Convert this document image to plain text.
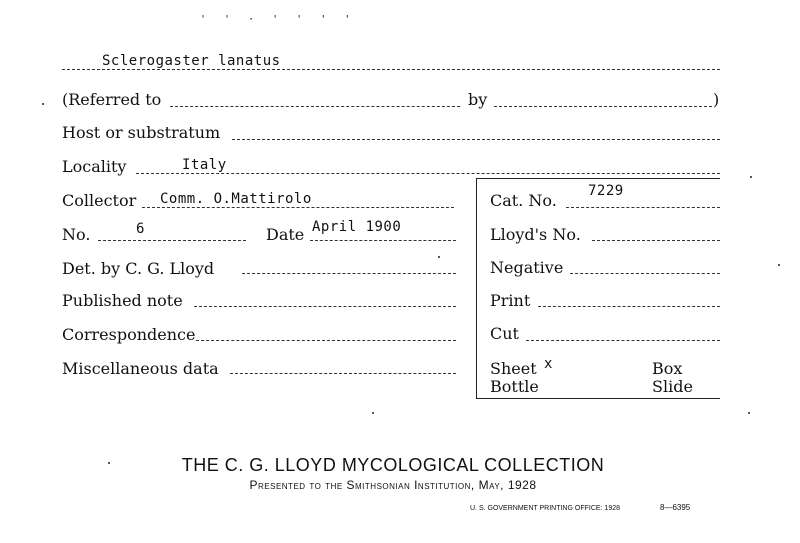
' ' · ' ' ' '
Sclerogaster lanatus
(Referred to	by	)
Host or substratum
Locality	Italy
Collector Comm. O.Mattirolo	Cat. No. 7229
No.	6	Date April 1900	Lloyd's No.
Det. by C. G. Lloyd	Negative
Published note	Print
Correspondence	Cut
Miscellaneous data	Sheet x	Box
Bottle	Slide
THE C. G. LLOYD MYCOLOGICAL COLLECTION
Presented to the Smithsonian Institution, May, 1928
U. S. GOVERNMENT PRINTING OFFICE: 1928	8—6395
